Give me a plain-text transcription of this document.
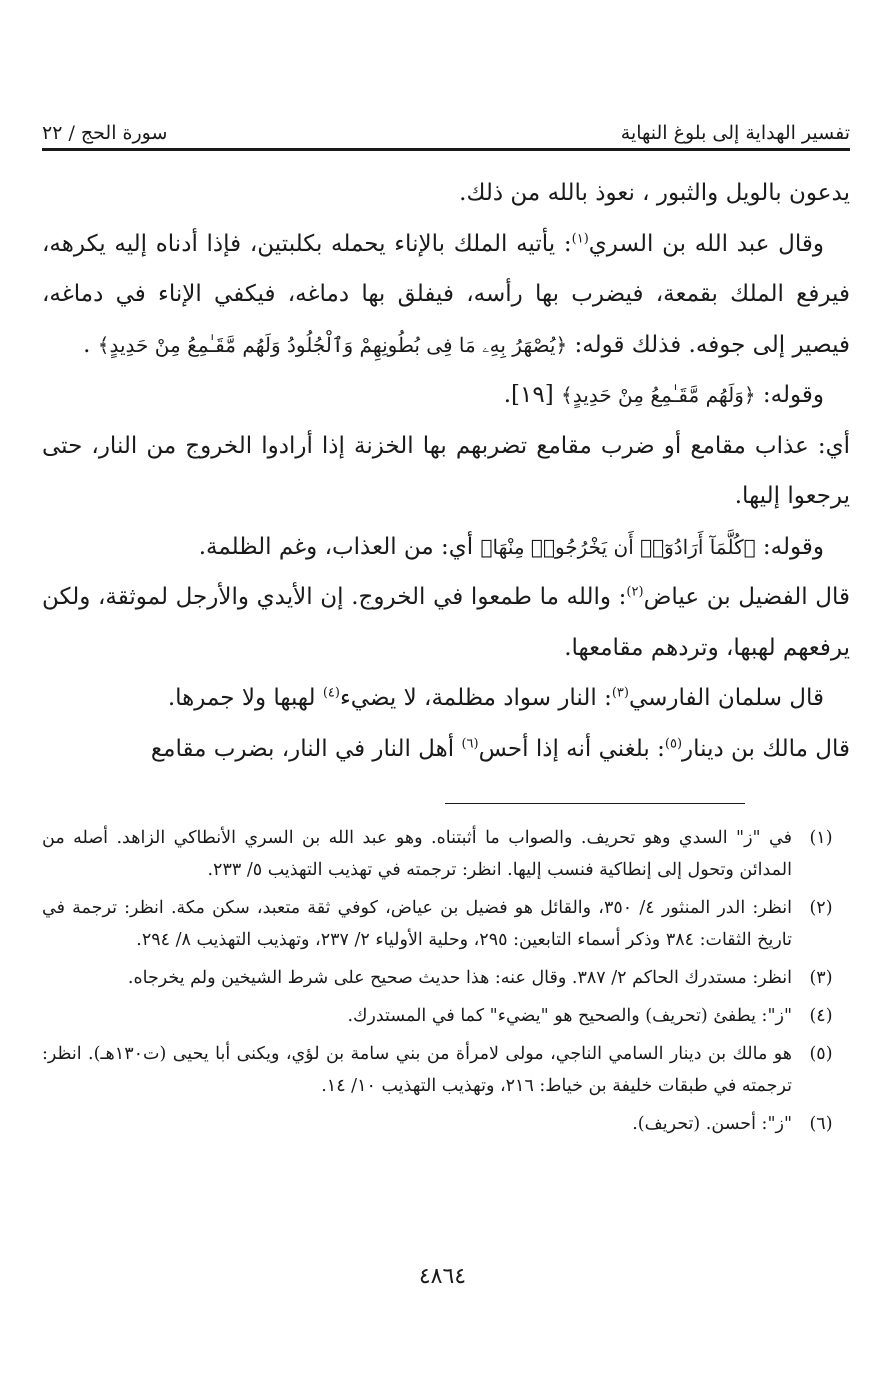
تفسير الهداية إلى بلوغ النهاية
سورة الحج / ٢٢

يدعون بالويل والثبور ، نعوذ بالله من ذلك.

وقال عبد الله بن السري$^{(١)}$: يأتيه الملك بالإناء يحمله بكلبتين، فإذا أدناه إليه يكرهه، فيرفع الملك بقمعة، فيضرب بها رأسه، فيفلق بها دماغه، فيكفي الإناء في دماغه، فيصير إلى جوفه. فذلك قوله: ﴿يُصْهَرُ بِهِۦ مَا فِى بُطُونِهِمْ وَٱلْجُلُودُ وَلَهُم مَّقَـٰمِعُ مِنْ حَدِيدٍ﴾ .

وقوله: ﴿وَلَهُم مَّقَـٰمِعُ مِنْ حَدِيدٍ﴾ [١٩].

أي: عذاب مقامع أو ضرب مقامع تضربهم بها الخزنة إذا أرادوا الخروج من النار، حتى يرجعوا إليها.

وقوله: ﴿كُلَّمَآ أَرَادُوٓا۟ أَن يَخْرُجُوا۟ مِنْهَا﴾ أي: من العذاب، وغم الظلمة.

قال الفضيل بن عياض$^{(٢)}$: والله ما طمعوا في الخروج. إن الأيدي والأرجل لموثقة، ولكن يرفعهم لهبها، وتردهم مقامعها.

قال سلمان الفارسي$^{(٣)}$: النار سواد مظلمة، لا يضيء$^{(٤)}$ لهبها ولا جمرها.

قال مالك بن دينار$^{(٥)}$: بلغني أنه إذا أحس$^{(٦)}$ أهل النار في النار، بضرب مقامع

(١)
في "ز" السدي وهو تحريف. والصواب ما أثبتناه. وهو عبد الله بن السري الأنطاكي الزاهد. أصله من المدائن وتحول إلى إنطاكية فنسب إليها. انظر: ترجمته في تهذيب التهذيب ٥/ ٢٣٣.
(٢)
انظر: الدر المنثور ٤/ ٣٥٠، والقائل هو فضيل بن عياض، كوفي ثقة متعبد، سكن مكة. انظر: ترجمة في تاريخ الثقات: ٣٨٤ وذكر أسماء التابعين: ٢٩٥، وحلية الأولياء ٢/ ٢٣٧، وتهذيب التهذيب ٨/ ٢٩٤.
(٣)
انظر: مستدرك الحاكم ٢/ ٣٨٧. وقال عنه: هذا حديث صحيح على شرط الشيخين ولم يخرجاه.
(٤)
"ز": يطفئ (تحريف) والصحيح هو "يضيء" كما في المستدرك.
(٥)
هو مالك بن دينار السامي الناجي، مولى لامرأة من بني سامة بن لؤي، ويكنى أبا يحيى (ت١٣٠هـ). انظر: ترجمته في طبقات خليفة بن خياط: ٢١٦، وتهذيب التهذيب ١٠/ ١٤.
(٦)
"ز": أحسن. (تحريف).
٤٨٦٤
